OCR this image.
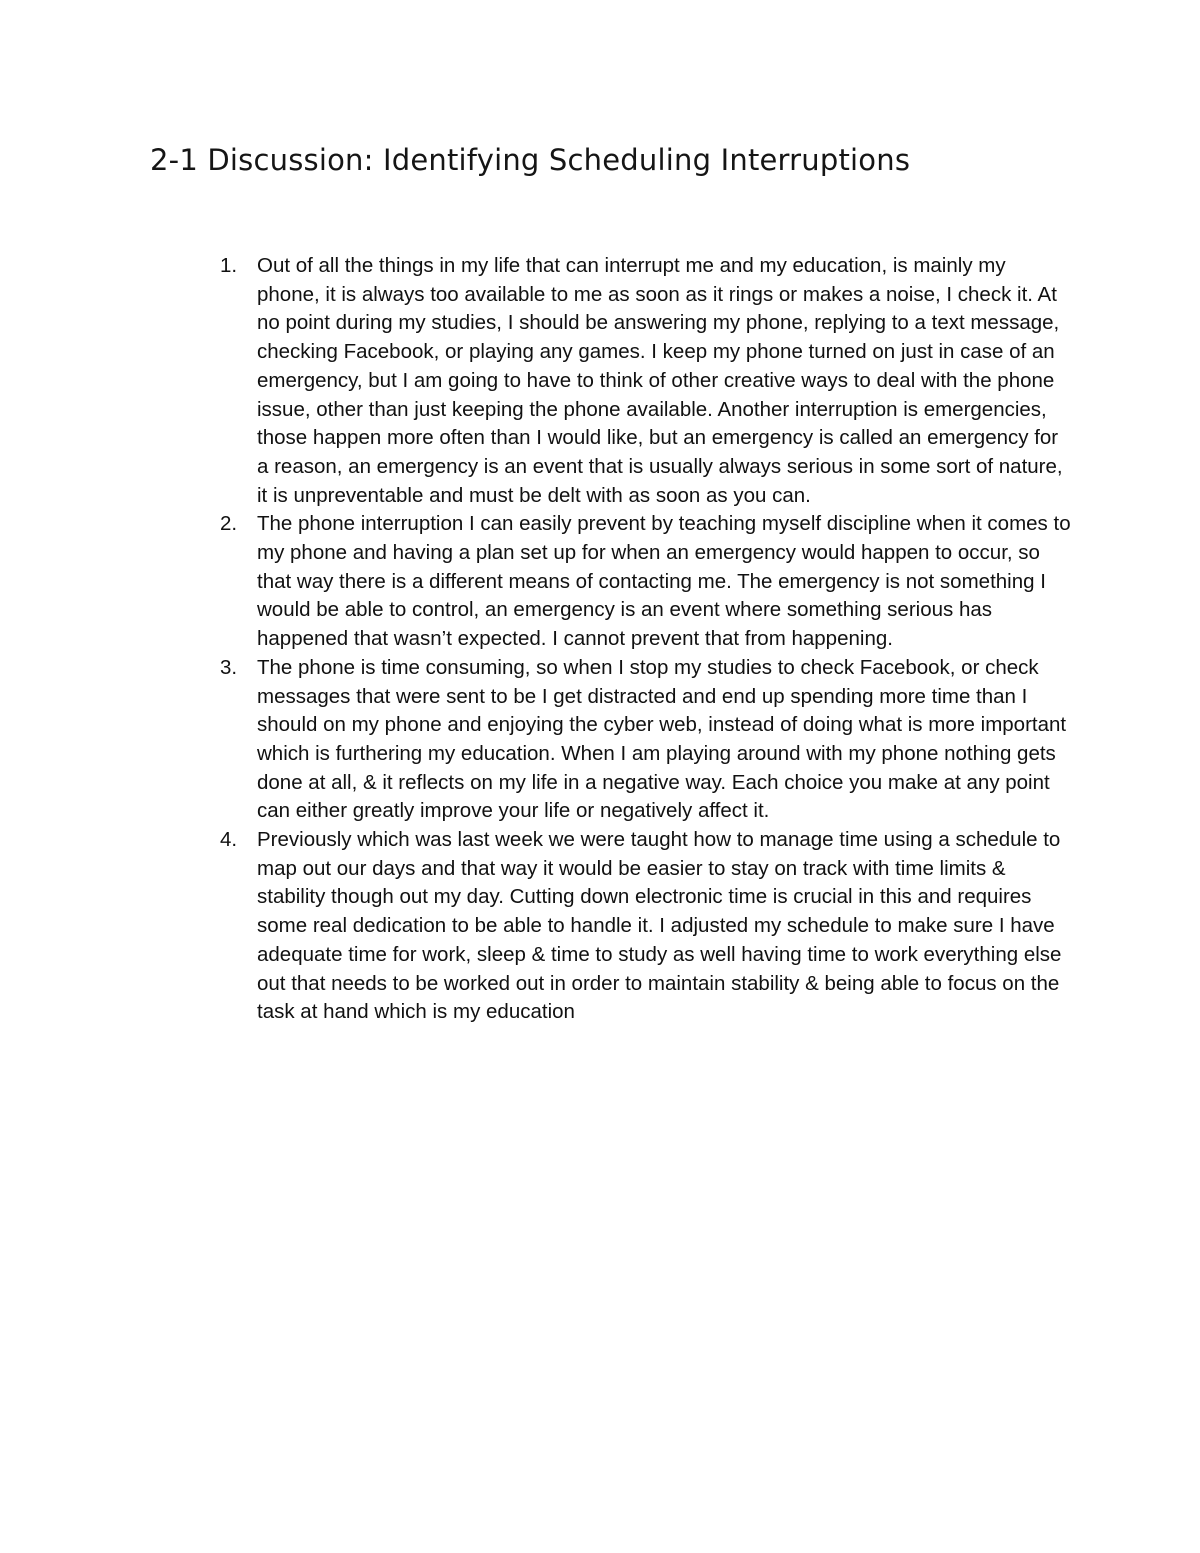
2-1 Discussion: Identifying Scheduling Interruptions
1. Out of all the things in my life that can interrupt me and my education, is mainly my phone, it is always too available to me as soon as it rings or makes a noise, I check it. At no point during my studies, I should be answering my phone, replying to a text message, checking Facebook, or playing any games. I keep my phone turned on just in case of an emergency, but I am going to have to think of other creative ways to deal with the phone issue, other than just keeping the phone available. Another interruption is emergencies, those happen more often than I would like, but an emergency is called an emergency for a reason, an emergency is an event that is usually always serious in some sort of nature, it is unpreventable and must be delt with as soon as you can.
2. The phone interruption I can easily prevent by teaching myself discipline when it comes to my phone and having a plan set up for when an emergency would happen to occur, so that way there is a different means of contacting me. The emergency is not something I would be able to control, an emergency is an event where something serious has happened that wasn’t expected. I cannot prevent that from happening.
3. The phone is time consuming, so when I stop my studies to check Facebook, or check messages that were sent to be I get distracted and end up spending more time than I should on my phone and enjoying the cyber web, instead of doing what is more important which is furthering my education. When I am playing around with my phone nothing gets done at all, & it reflects on my life in a negative way. Each choice you make at any point can either greatly improve your life or negatively affect it.
4. Previously which was last week we were taught how to manage time using a schedule to map out our days and that way it would be easier to stay on track with time limits & stability though out my day. Cutting down electronic time is crucial in this and requires some real dedication to be able to handle it. I adjusted my schedule to make sure I have adequate time for work, sleep & time to study as well having time to work everything else out that needs to be worked out in order to maintain stability & being able to focus on the task at hand which is my education
